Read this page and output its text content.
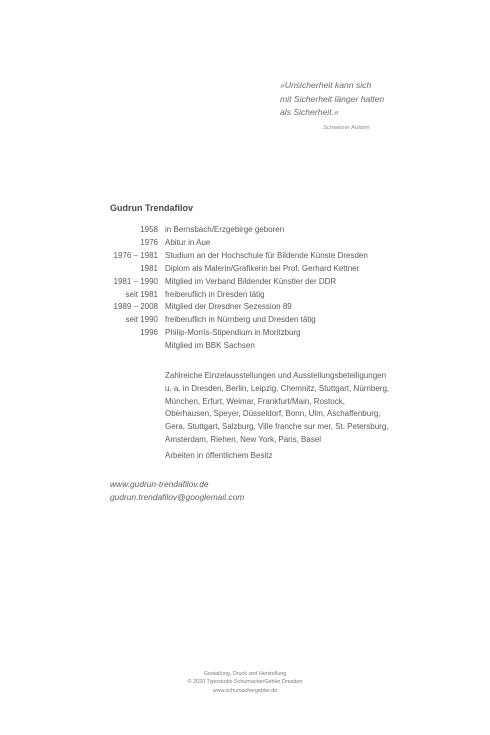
»Unsicherheit kann sich
mit Sicherheit länger halten
als Sicherheit.«
Schweizer Autorin
Gudrun Trendafilov
1958 in Bernsbach/Erzgebirge geboren
1976 Abitur in Aue
1976 – 1981 Studium an der Hochschule für Bildende Künste Dresden
1981 Diplom als Malerin/Grafikerin bei Prof. Gerhard Kettner
1981 – 1990 Mitglied im Verband Bildender Künstler der DDR
seit 1981 freiberuflich in Dresden tätig
1989 – 2008 Mitglied der Dresdner Sezession 89
seit 1990 freiberuflich in Nürnberg und Dresden tätig
1996 Philip-Morris-Stipendium in Moritzburg
Mitglied im BBK Sachsen
Zahlreiche Einzelausstellungen und Ausstellungsbeteiligungen
u. a. in Dresden, Berlin, Leipzig, Chemnitz, Stuttgart, Nürnberg,
München, Erfurt, Weimar, Frankfurt/Main, Rostock,
Oberhausen, Speyer, Düsseldorf, Bonn, Ulm, Aschaffenburg,
Gera, Stuttgart, Salzburg, Ville franche sur mer, St. Petersburg,
Amsterdam, Riehen, New York, Paris, Basel
Arbeiten in öffentlichem Besitz
www.gudrun-trendafilov.de
gudrun.trendafilov@googlemail.com
Gestaltung, Druck und Herstellung
© 2020 Typostudio SchumacherGebler Dresden
www.schumachergebler.de
